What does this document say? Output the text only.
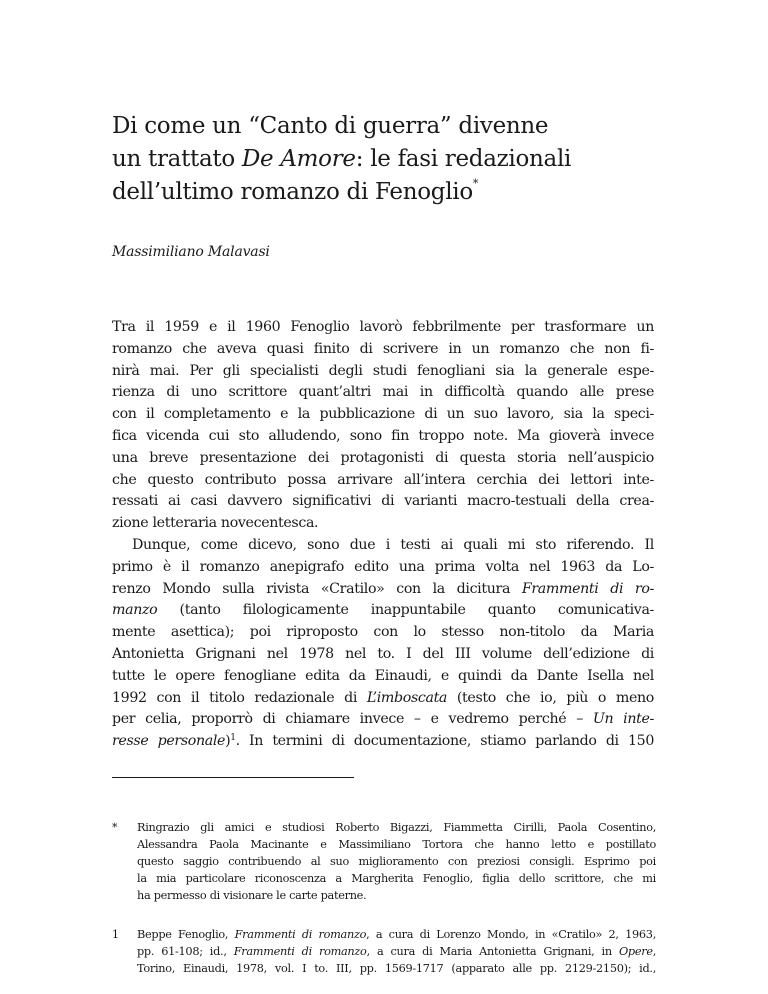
Di come un “Canto di guerra” divenne
un trattato De Amore: le fasi redazionali
dell’ultimo romanzo di Fenoglio*
Massimiliano Malavasi
Tra il 1959 e il 1960 Fenoglio lavorò febbrilmente per trasformare un
romanzo che aveva quasi finito di scrivere in un romanzo che non fi-
nirà mai. Per gli specialisti degli studi fenogliani sia la generale espe-
rienza di uno scrittore quant’altri mai in difficoltà quando alle prese
con il completamento e la pubblicazione di un suo lavoro, sia la speci-
fica vicenda cui sto alludendo, sono fin troppo note. Ma gioverà invece
una breve presentazione dei protagonisti di questa storia nell’auspicio
che questo contributo possa arrivare all’intera cerchia dei lettori inte-
ressati ai casi davvero significativi di varianti macro-testuali della crea-
zione letteraria novecentesca.
Dunque, come dicevo, sono due i testi ai quali mi sto riferendo. Il
primo è il romanzo anepigrafo edito una prima volta nel 1963 da Lo-
renzo Mondo sulla rivista «Cratilo» con la dicitura Frammenti di ro-
manzo (tanto filologicamente inappuntabile quanto comunicativa-
mente asettica); poi riproposto con lo stesso non-titolo da Maria
Antonietta Grignani nel 1978 nel to. I del III volume dell’edizione di
tutte le opere fenogliane edita da Einaudi, e quindi da Dante Isella nel
1992 con il titolo redazionale di L’imboscata (testo che io, più o meno
per celia, proporrò di chiamare invece – e vedremo perché – Un inte-
resse personale)$^1$. In termini di documentazione, stiamo parlando di 150
* Ringrazio gli amici e studiosi Roberto Bigazzi, Fiammetta Cirilli, Paola Cosentino,
Alessandra Paola Macinante e Massimiliano Tortora che hanno letto e postillato
questo saggio contribuendo al suo miglioramento con preziosi consigli. Esprimo poi
la mia particolare riconoscenza a Margherita Fenoglio, figlia dello scrittore, che mi
ha permesso di visionare le carte paterne.
1 Beppe Fenoglio, Frammenti di romanzo, a cura di Lorenzo Mondo, in «Cratilo» 2, 1963,
pp. 61-108; id., Frammenti di romanzo, a cura di Maria Antonietta Grignani, in Opere,
Torino, Einaudi, 1978, vol. I to. III, pp. 1569-1717 (apparato alle pp. 2129-2150); id.,
